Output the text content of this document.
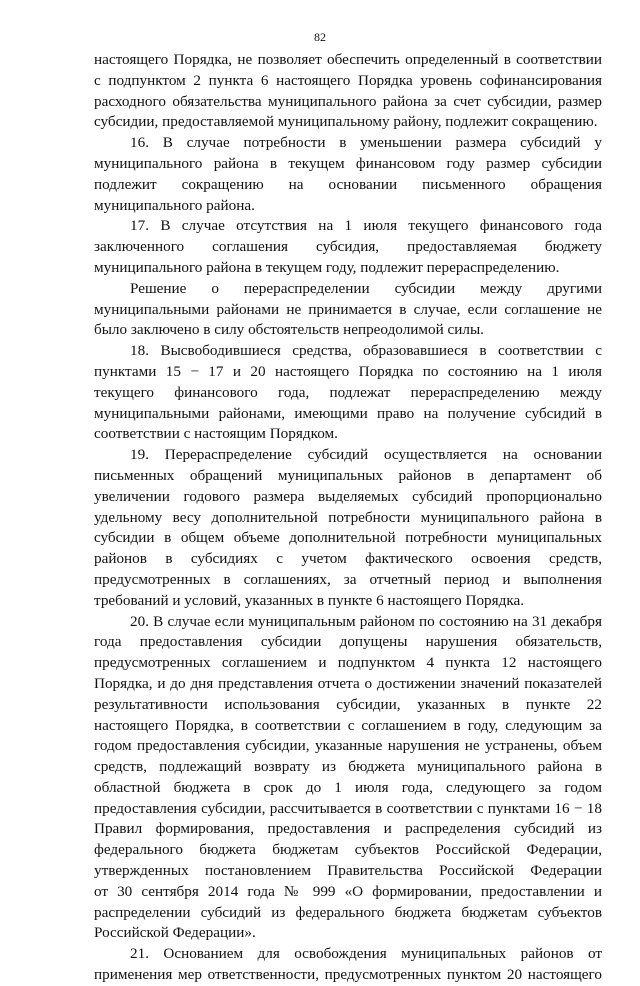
82
настоящего Порядка, не позволяет обеспечить определенный в соответствии
с подпунктом 2 пункта 6 настоящего Порядка уровень софинансирования
расходного обязательства муниципального района за счет субсидии, размер
субсидии, предоставляемой муниципальному району, подлежит сокращению.
16. В случае потребности в уменьшении размера субсидий у
муниципального района в текущем финансовом году размер субсидии
подлежит сокращению на основании письменного обращения
муниципального района.
17. В случае отсутствия на 1 июля текущего финансового года
заключенного соглашения субсидия, предоставляемая бюджету
муниципального района в текущем году, подлежит перераспределению.
Решение о перераспределении субсидии между другими
муниципальными районами не принимается в случае, если соглашение не
было заключено в силу обстоятельств непреодолимой силы.
18. Высвободившиеся средства, образовавшиеся в соответствии с
пунктами 15 − 17 и 20 настоящего Порядка по состоянию на 1 июля
текущего финансового года, подлежат перераспределению между
муниципальными районами, имеющими право на получение субсидий в
соответствии с настоящим Порядком.
19. Перераспределение субсидий осуществляется на основании
письменных обращений муниципальных районов в департамент об
увеличении годового размера выделяемых субсидий пропорционально
удельному весу дополнительной потребности муниципального района в
субсидии в общем объеме дополнительной потребности муниципальных
районов в субсидиях с учетом фактического освоения средств,
предусмотренных в соглашениях, за отчетный период и выполнения
требований и условий, указанных в пункте 6 настоящего Порядка.
20. В случае если муниципальным районом по состоянию на 31 декабря
года предоставления субсидии допущены нарушения обязательств,
предусмотренных соглашением и подпунктом 4 пункта 12 настоящего
Порядка, и до дня представления отчета о достижении значений показателей
результативности использования субсидии, указанных в пункте 22
настоящего Порядка, в соответствии с соглашением в году, следующим за
годом предоставления субсидии, указанные нарушения не устранены, объем
средств, подлежащий возврату из бюджета муниципального района в
областной бюджета в срок до 1 июля года, следующего за годом
предоставления субсидии, рассчитывается в соответствии с пунктами 16 − 18
Правил формирования, предоставления и распределения субсидий из
федерального бюджета бюджетам субъектов Российской Федерации,
утвержденных постановлением Правительства Российской Федерации
от 30 сентября 2014 года № 999 «О формировании, предоставлении и
распределении субсидий из федерального бюджета бюджетам субъектов
Российской Федерации».
21. Основанием для освобождения муниципальных районов от
применения мер ответственности, предусмотренных пунктом 20 настоящего
